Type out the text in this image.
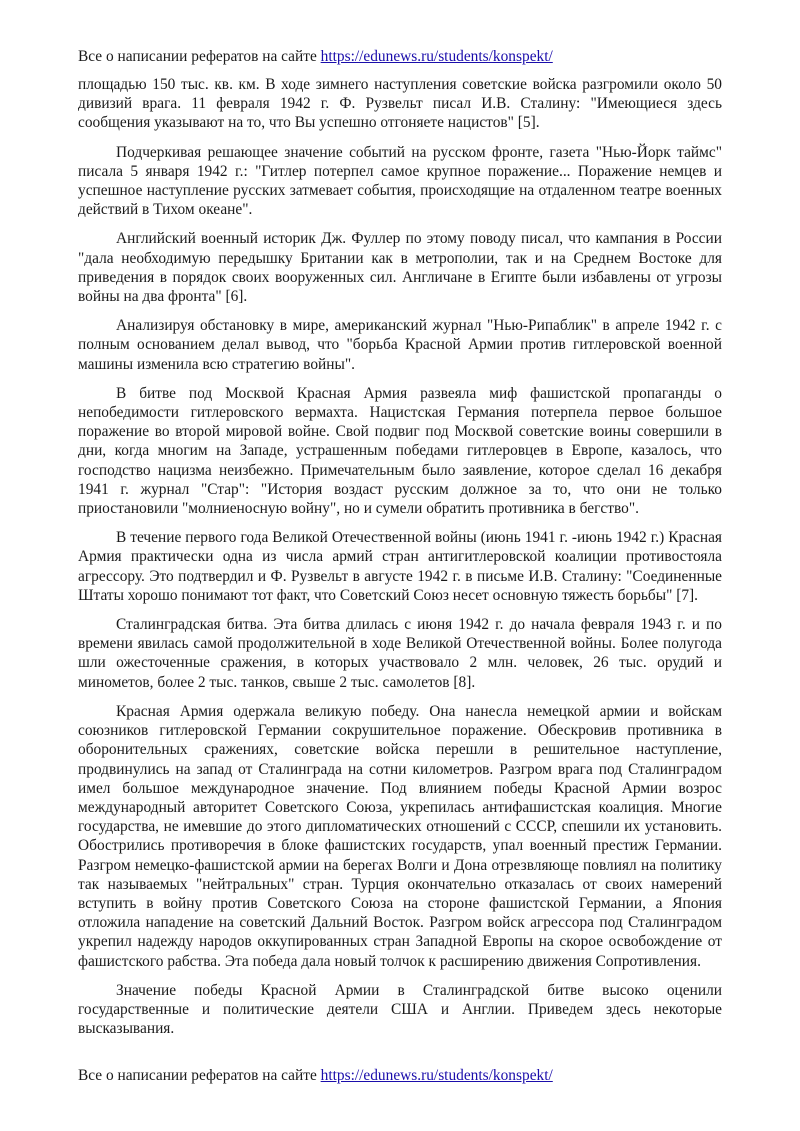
Все о написании рефератов на сайте https://edunews.ru/students/konspekt/

площадью 150 тыс. кв. км. В ходе зимнего наступления советские войска разгромили около 50 дивизий врага. 11 февраля 1942 г. Ф. Рузвельт писал И.В. Сталину: "Имеющиеся здесь сообщения указывают на то, что Вы успешно отгоняете нацистов" [5].

Подчеркивая решающее значение событий на русском фронте, газета "Нью-Йорк таймс" писала 5 января 1942 г.: "Гитлер потерпел самое крупное поражение... Поражение немцев и успешное наступление русских затмевает события, происходящие на отдаленном театре военных действий в Тихом океане".

Английский военный историк Дж. Фуллер по этому поводу писал, что кампания в России "дала необходимую передышку Британии как в метрополии, так и на Среднем Востоке для приведения в порядок своих вооруженных сил. Англичане в Египте были избавлены от угрозы войны на два фронта" [6].

Анализируя обстановку в мире, американский журнал "Нью-Рипаблик" в апреле 1942 г. с полным основанием делал вывод, что "борьба Красной Армии против гитлеровской военной машины изменила всю стратегию войны".

В битве под Москвой Красная Армия развеяла миф фашистской пропаганды о непобедимости гитлеровского вермахта. Нацистская Германия потерпела первое большое поражение во второй мировой войне. Свой подвиг под Москвой советские воины совершили в дни, когда многим на Западе, устрашенным победами гитлеровцев в Европе, казалось, что господство нацизма неизбежно. Примечательным было заявление, которое сделал 16 декабря 1941 г. журнал "Стар": "История воздаст русским должное за то, что они не только приостановили "молниеносную войну", но и сумели обратить противника в бегство".

В течение первого года Великой Отечественной войны (июнь 1941 г. -июнь 1942 г.) Красная Армия практически одна из числа армий стран антигитлеровской коалиции противостояла агрессору. Это подтвердил и Ф. Рузвельт в августе 1942 г. в письме И.В. Сталину: "Соединенные Штаты хорошо понимают тот факт, что Советский Союз несет основную тяжесть борьбы" [7].

Сталинградская битва. Эта битва длилась с июня 1942 г. до начала февраля 1943 г. и по времени явилась самой продолжительной в ходе Великой Отечественной войны. Более полугода шли ожесточенные сражения, в которых участвовало 2 млн. человек, 26 тыс. орудий и минометов, более 2 тыс. танков, свыше 2 тыс. самолетов [8].

Красная Армия одержала великую победу. Она нанесла немецкой армии и войскам союзников гитлеровской Германии сокрушительное поражение. Обескровив противника в оборонительных сражениях, советские войска перешли в решительное наступление, продвинулись на запад от Сталинграда на сотни километров. Разгром врага под Сталинградом имел большое международное значение. Под влиянием победы Красной Армии возрос международный авторитет Советского Союза, укрепилась антифашистская коалиция. Многие государства, не имевшие до этого дипломатических отношений с СССР, спешили их установить. Обострились противоречия в блоке фашистских государств, упал военный престиж Германии. Разгром немецко-фашистской армии на берегах Волги и Дона отрезвляюще повлиял на политику так называемых "нейтральных" стран. Турция окончательно отказалась от своих намерений вступить в войну против Советского Союза на стороне фашистской Германии, а Япония отложила нападение на советский Дальний Восток. Разгром войск агрессора под Сталинградом укрепил надежду народов оккупированных стран Западной Европы на скорое освобождение от фашистского рабства. Эта победа дала новый толчок к расширению движения Сопротивления.

Значение победы Красной Армии в Сталинградской битве высоко оценили государственные и политические деятели США и Англии. Приведем здесь некоторые высказывания.

Все о написании рефератов на сайте https://edunews.ru/students/konspekt/
